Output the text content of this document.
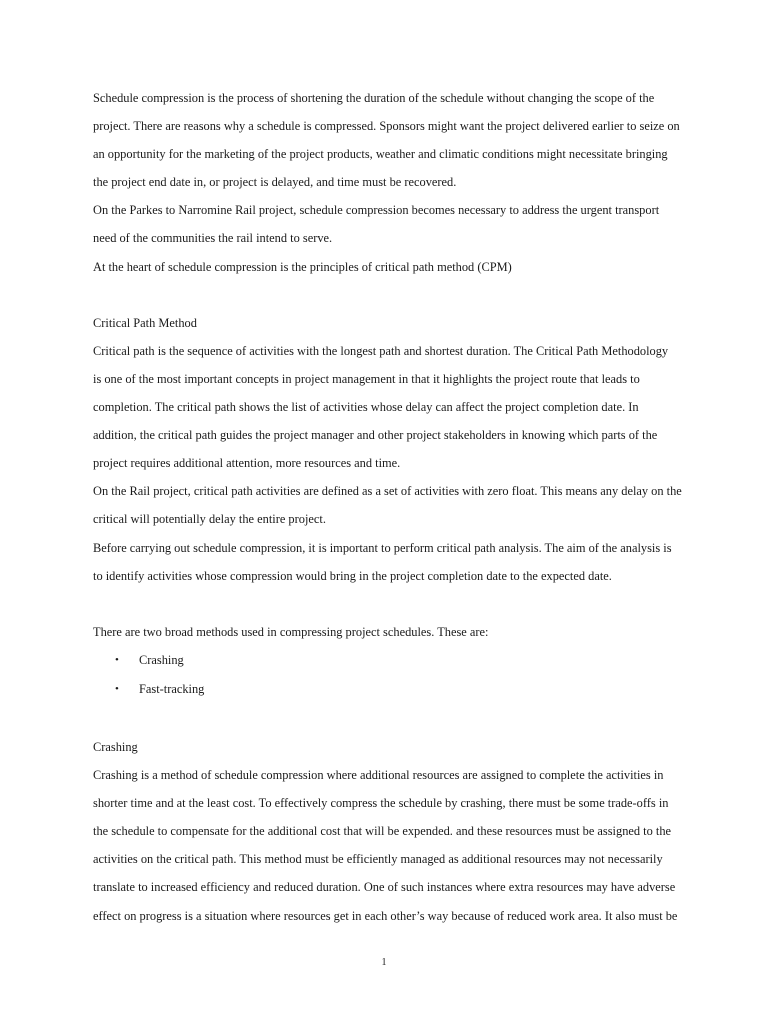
Schedule compression is the process of shortening the duration of the schedule without changing the scope of the
project. There are reasons why a schedule is compressed. Sponsors might want the project delivered earlier to seize on
an opportunity for the marketing of the project products, weather and climatic conditions might necessitate bringing
the project end date in, or project is delayed, and time must be recovered.
On the Parkes to Narromine Rail project, schedule compression becomes necessary to address the urgent transport
need of the communities the rail intend to serve.
At the heart of schedule compression is the principles of critical path method (CPM)
Critical Path Method
Critical path is the sequence of activities with the longest path and shortest duration. The Critical Path Methodology
is one of the most important concepts in project management in that it highlights the project route that leads to
completion. The critical path shows the list of activities whose delay can affect the project completion date. In
addition, the critical path guides the project manager and other project stakeholders in knowing which parts of the
project requires additional attention, more resources and time.
On the Rail project, critical path activities are defined as a set of activities with zero float. This means any delay on the
critical will potentially delay the entire project.
Before carrying out schedule compression, it is important to perform critical path analysis. The aim of the analysis is
to identify activities whose compression would bring in the project completion date to the expected date.
There are two broad methods used in compressing project schedules. These are:
• Crashing
• Fast-tracking
Crashing
Crashing is a method of schedule compression where additional resources are assigned to complete the activities in
shorter time and at the least cost. To effectively compress the schedule by crashing, there must be some trade-offs in
the schedule to compensate for the additional cost that will be expended. and these resources must be assigned to the
activities on the critical path. This method must be efficiently managed as additional resources may not necessarily
translate to increased efficiency and reduced duration. One of such instances where extra resources may have adverse
effect on progress is a situation where resources get in each other’s way because of reduced work area. It also must be
1
